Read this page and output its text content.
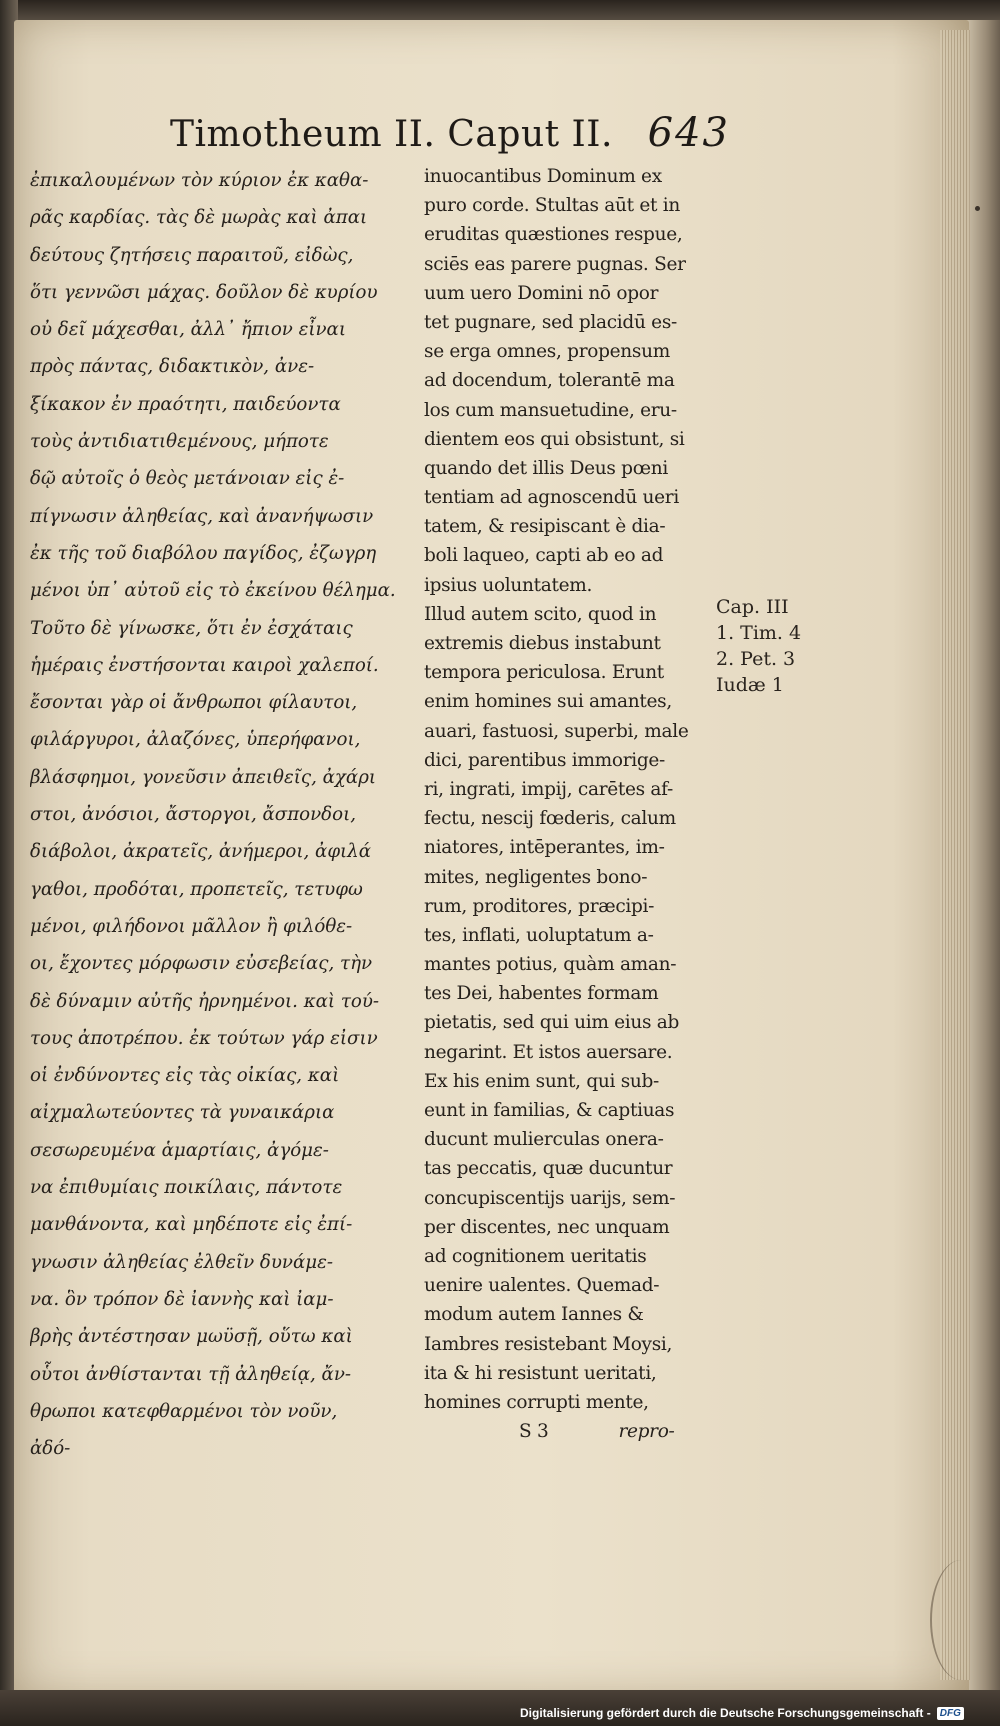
Timotheum II. Caput II. 643
ἐπικαλουμένων τὸν κύριον ἐκ καθα-
ρᾶς καρδίας. τὰς δὲ μωρὰς καὶ ἀπαι
δεύτους ζητήσεις παραιτοῦ, εἰδὼς,
ὅτι γεννῶσι μάχας. δοῦλον δὲ κυρίου
οὐ δεῖ μάχεσθαι, ἀλλ᾽ ἤπιον εἶναι
πρὸς πάντας, διδακτικὸν, ἀνε-
ξίκακον ἐν πραότητι, παιδεύοντα
τοὺς ἀντιδιατιθεμένους, μήποτε
δῷ αὐτοῖς ὁ θεὸς μετάνοιαν εἰς ἐ-
πίγνωσιν ἀληθείας, καὶ ἀνανήψωσιν
ἐκ τῆς τοῦ διαβόλου παγίδος, ἐζωγρη
μένοι ὑπ᾽ αὐτοῦ εἰς τὸ ἐκείνου θέλημα.
Τοῦτο δὲ γίνωσκε, ὅτι ἐν ἐσχάταις
ἡμέραις ἐνστήσονται καιροὶ χαλεποί.
ἔσονται γὰρ οἱ ἄνθρωποι φίλαυτοι,
φιλάργυροι, ἀλαζόνες, ὑπερήφανοι,
βλάσφημοι, γονεῦσιν ἀπειθεῖς, ἀχάρι
στοι, ἀνόσιοι, ἄστοργοι, ἄσπονδοι,
διάβολοι, ἀκρατεῖς, ἀνήμεροι, ἀφιλά
γαθοι, προδόται, προπετεῖς, τετυφω
μένοι, φιλήδονοι μᾶλλον ἢ φιλόθε-
οι, ἔχοντες μόρφωσιν εὐσεβείας, τὴν
δὲ δύναμιν αὐτῆς ἠρνημένοι. καὶ τού-
τους ἀποτρέπου. ἐκ τούτων γάρ εἰσιν
οἱ ἐνδύνοντες εἰς τὰς οἰκίας, καὶ
αἰχμαλωτεύοντες τὰ γυναικάρια
σεσωρευμένα ἁμαρτίαις, ἀγόμε-
να ἐπιθυμίαις ποικίλαις, πάντοτε
μανθάνοντα, καὶ μηδέποτε εἰς ἐπί-
γνωσιν ἀληθείας ἐλθεῖν δυνάμε-
να. ὃν τρόπον δὲ ἰαννὴς καὶ ἰαμ-
βρὴς ἀντέστησαν μωϋσῇ, οὕτω καὶ
οὗτοι ἀνθίστανται τῇ ἀληθείᾳ, ἄν-
θρωποι κατεφθαρμένοι τὸν νοῦν,
ἀδό-
inuocantibus Dominum ex
puro corde. Stultas aūt et in
eruditas quæstiones respue,
sciēs eas parere pugnas. Ser
uum uero Domini nō opor
tet pugnare, sed placidū es-
se erga omnes, propensum
ad docendum, tolerantē ma
los cum mansuetudine, eru-
dientem eos qui obsistunt, si
quando det illis Deus pœni
tentiam ad agnoscendū ueri
tatem, & resipiscant è dia-
boli laqueo, capti ab eo ad
ipsius uoluntatem.
Illud autem scito, quod in
extremis diebus instabunt
tempora periculosa. Erunt
enim homines sui amantes,
auari, fastuosi, superbi, male
dici, parentibus immorige-
ri, ingrati, impij, carētes af-
fectu, nescij fœderis, calum
niatores, intēperantes, im-
mites, negligentes bono-
rum, proditores, præcipi-
tes, inflati, uoluptatum a-
mantes potius, quàm aman-
tes Dei, habentes formam
pietatis, sed qui uim eius ab
negarint. Et istos auersare.
Ex his enim sunt, qui sub-
eunt in familias, & captiuas
ducunt mulierculas onera-
tas peccatis, quæ ducuntur
concupiscentijs uarijs, sem-
per discentes, nec unquam
ad cognitionem ueritatis
uenire ualentes. Quemad-
modum autem Iannes &
Iambres resistebant Moysi,
ita & hi resistunt ueritati,
homines corrupti mente,
S 3	repro-
Cap. III
1. Tim. 4
2. Pet. 3
Iudæ 1
Digitalisierung gefördert durch die Deutsche Forschungsgemeinschaft - DFG
